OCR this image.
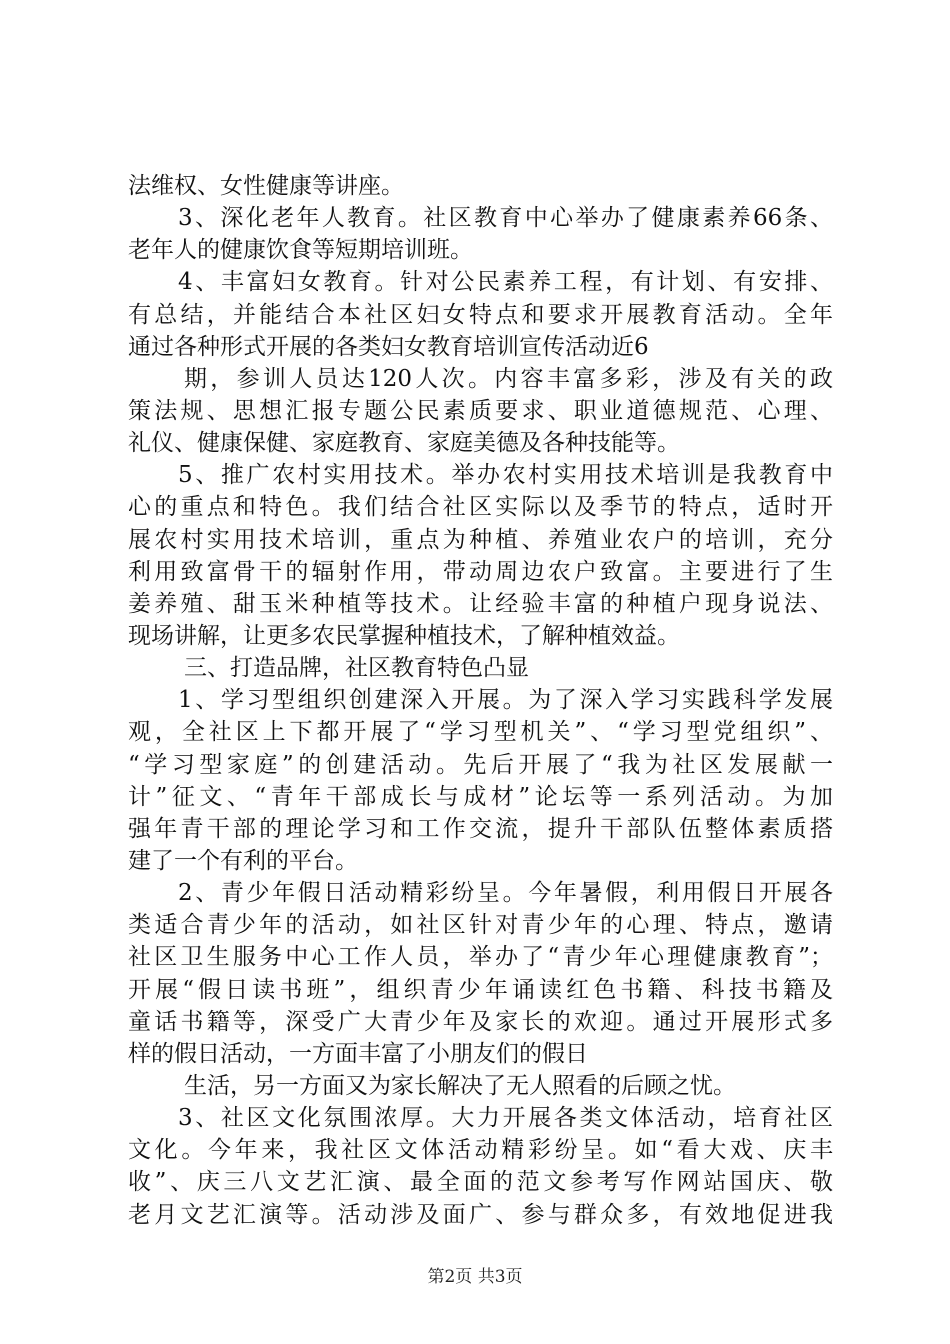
法维权、女性健康等讲座。
3、深化老年人教育。社区教育中心举办了健康素养66条、
老年人的健康饮食等短期培训班。
4、丰富妇女教育。针对公民素养工程，有计划、有安排、
有总结，并能结合本社区妇女特点和要求开展教育活动。全年
通过各种形式开展的各类妇女教育培训宣传活动近6
期，参训人员达120人次。内容丰富多彩，涉及有关的政
策法规、思想汇报专题公民素质要求、职业道德规范、心理、
礼仪、健康保健、家庭教育、家庭美德及各种技能等。
5、推广农村实用技术。举办农村实用技术培训是我教育中
心的重点和特色。我们结合社区实际以及季节的特点，适时开
展农村实用技术培训，重点为种植、养殖业农户的培训，充分
利用致富骨干的辐射作用，带动周边农户致富。主要进行了生
姜养殖、甜玉米种植等技术。让经验丰富的种植户现身说法、
现场讲解，让更多农民掌握种植技术，了解种植效益。
三、打造品牌，社区教育特色凸显
1、学习型组织创建深入开展。为了深入学习实践科学发展
观，全社区上下都开展了“学习型机关”、“学习型党组织”、
“学习型家庭”的创建活动。先后开展了“我为社区发展献一
计”征文、“青年干部成长与成材”论坛等一系列活动。为加
强年青干部的理论学习和工作交流，提升干部队伍整体素质搭
建了一个有利的平台。
2、青少年假日活动精彩纷呈。今年暑假，利用假日开展各
类适合青少年的活动，如社区针对青少年的心理、特点，邀请
社区卫生服务中心工作人员，举办了“青少年心理健康教育”；
开展“假日读书班”，组织青少年诵读红色书籍、科技书籍及
童话书籍等，深受广大青少年及家长的欢迎。通过开展形式多
样的假日活动，一方面丰富了小朋友们的假日
生活，另一方面又为家长解决了无人照看的后顾之忧。
3、社区文化氛围浓厚。大力开展各类文体活动，培育社区
文化。今年来，我社区文体活动精彩纷呈。如“看大戏、庆丰
收”、庆三八文艺汇演、最全面的范文参考写作网站国庆、敬
老月文艺汇演等。活动涉及面广、参与群众多，有效地促进我
第2页 共3页
